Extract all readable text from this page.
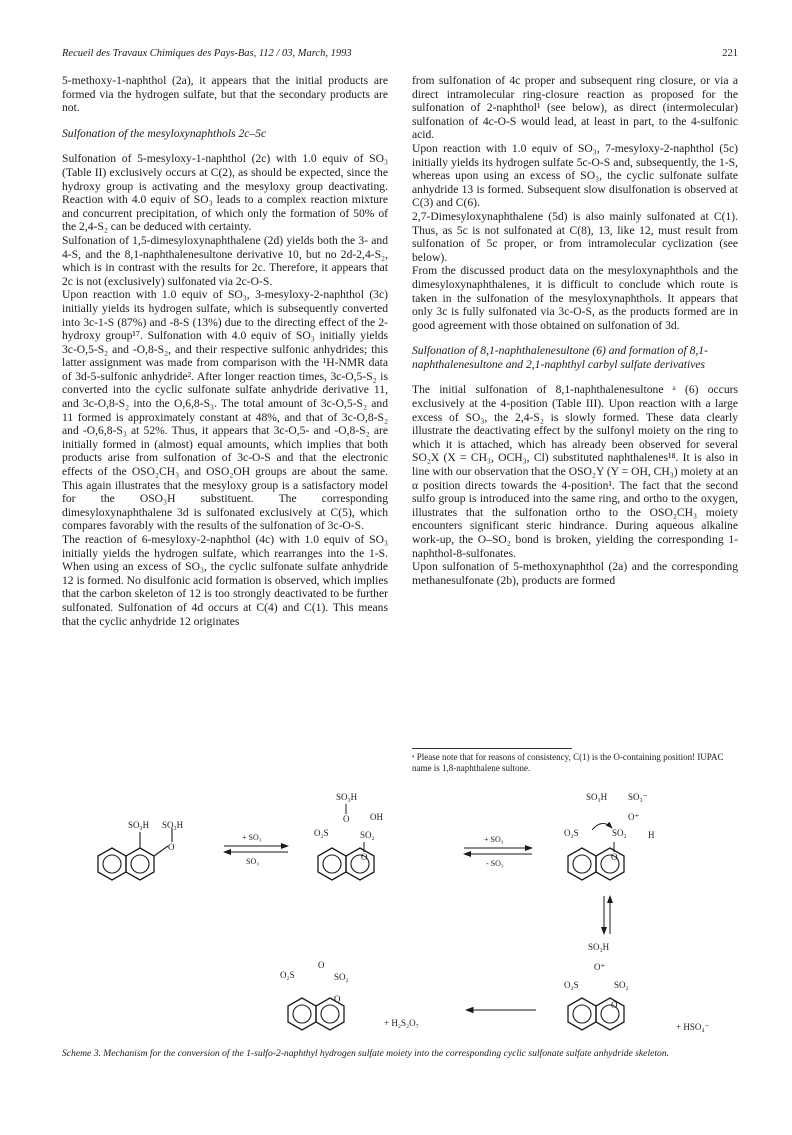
Recueil des Travaux Chimiques des Pays-Bas, 112 / 03, March, 1993	221

5-methoxy-1-naphthol (2a), it appears that the initial products are formed via the hydrogen sulfate, but that the secondary products are not.

Sulfonation of the mesyloxynaphthols 2c–5c

Sulfonation of 5-mesyloxy-1-naphthol (2c) with 1.0 equiv of SO₃ (Table II) exclusively occurs at C(2), as should be expected, since the hydroxy group is activating and the mesyloxy group deactivating. Reaction with 4.0 equiv of SO₃ leads to a complex reaction mixture and concurrent precipitation, of which only the formation of 50% of the 2,4-S₂ can be deduced with certainty.

Sulfonation of 1,5-dimesyloxynaphthalene (2d) yields both the 3- and 4-S, and the 8,1-naphthalenesultone derivative 10, but no 2d-2,4-S₂, which is in contrast with the results for 2c. Therefore, it appears that 2c is not (exclusively) sulfonated via 2c-O-S.

Upon reaction with 1.0 equiv of SO₃, 3-mesyloxy-2-naphthol (3c) initially yields its hydrogen sulfate, which is subsequently converted into 3c-1-S (87%) and -8-S (13%) due to the directing effect of the 2-hydroxy group¹⁷. Sulfonation with 4.0 equiv of SO₃ initially yields 3c-O,5-S₂ and -O,8-S₂, and their respective sulfonic anhydrides; this latter assignment was made from comparison with the ¹H-NMR data of 3d-5-sulfonic anhydride². After longer reaction times, 3c-O,5-S₂ is converted into the cyclic sulfonate sulfate anhydride derivative 11, and 3c-O,8-S₂ into the O,6,8-S₃. The total amount of 3c-O,5-S₂ and 11 formed is approximately constant at 48%, and that of 3c-O,8-S₂ and -O,6,8-S₃ at 52%. Thus, it appears that 3c-O,5- and -O,8-S₂ are initially formed in (almost) equal amounts, which implies that both products arise from sulfonation of 3c-O-S and that the electronic effects of the OSO₂CH₃ and OSO₂OH groups are about the same. This again illustrates that the mesyloxy group is a satisfactory model for the OSO₃H substituent. The corresponding dimesyloxynaphthalene 3d is sulfonated exclusively at C(5), which compares favorably with the results of the sulfonation of 3c-O-S.

The reaction of 6-mesyloxy-2-naphthol (4c) with 1.0 equiv of SO₃ initially yields the hydrogen sulfate, which rearranges into the 1-S. When using an excess of SO₃, the cyclic sulfonate sulfate anhydride 12 is formed. No disulfonic acid formation is observed, which implies that the carbon skeleton of 12 is too strongly deactivated to be further sulfonated. Sulfonation of 4d occurs at C(4) and C(1). This means that the cyclic anhydride 12 originates

from sulfonation of 4c proper and subsequent ring closure, or via a direct intramolecular ring-closure reaction as proposed for the sulfonation of 2-naphthol¹ (see below), as direct (intermolecular) sulfonation of 4c-O-S would lead, at least in part, to the 4-sulfonic acid.

Upon reaction with 1.0 equiv of SO₃, 7-mesyloxy-2-naphthol (5c) initially yields its hydrogen sulfate 5c-O-S and, subsequently, the 1-S, whereas upon using an excess of SO₃, the cyclic sulfonate sulfate anhydride 13 is formed. Subsequent slow disulfonation is observed at C(3) and C(6).

2,7-Dimesyloxynaphthalene (5d) is also mainly sulfonated at C(1). Thus, as 5c is not sulfonated at C(8), 13, like 12, must result from sulfonation of 5c proper, or from intramolecular cyclization (see below).

From the discussed product data on the mesyloxynaphthols and the dimesyloxynaphthalenes, it is difficult to conclude which route is taken in the sulfonation of the mesyloxynaphthols. It appears that only 3c is fully sulfonated via 3c-O-S, as the products formed are in good agreement with those obtained on sulfonation of 3d.

Sulfonation of 8,1-naphthalenesultone (6) and formation of 8,1-naphthalenesultone and 2,1-naphthyl carbyl sulfate derivatives

The initial sulfonation of 8,1-naphthalenesultone ᵃ (6) occurs exclusively at the 4-position (Table III). Upon reaction with a large excess of SO₃, the 2,4-S₂ is slowly formed. These data clearly illustrate the deactivating effect by the sulfonyl moiety on the ring to which it is attached, which has already been observed for several SO₂X (X = CH₃, OCH₃, Cl) substituted naphthalenes¹⁸. It is also in line with our observation that the OSO₂Y (Y = OH, CH₃) moiety at an α position directs towards the 4-position¹. The fact that the second sulfo group is introduced into the same ring, and ortho to the oxygen, illustrates that the sulfonation ortho to the OSO₂CH₃ moiety encounters significant steric hindrance. During aqueous alkaline work-up, the O–SO₂ bond is broken, yielding the corresponding 1-naphthol-8-sulfonates.

Upon sulfonation of 5-methoxynaphthol (2a) and the corresponding methanesulfonate (2b), products are formed

ᵃ Please note that for reasons of consistency, C(1) is the O-containing position! IUPAC name is 1,8-naphthalene sultone.
SO₃H SO₃H
O
+ SO₃
SO₃
SO₃H
O
O₂S	SO₂
OH
O
+ SO₃
- SO₃
SO₃H SO₃⁻
O₂S	SO₂
O⁺
H
O
SO₃H
O⁺
O₂S	SO₂
O
+ HSO₄⁻
O₂S
O
SO₂
O
+ H₂S₂O₇
Scheme 3. Mechanism for the conversion of the 1-sulfo-2-naphthyl hydrogen sulfate moiety into the corresponding cyclic sulfonate sulfate anhydride skeleton.
